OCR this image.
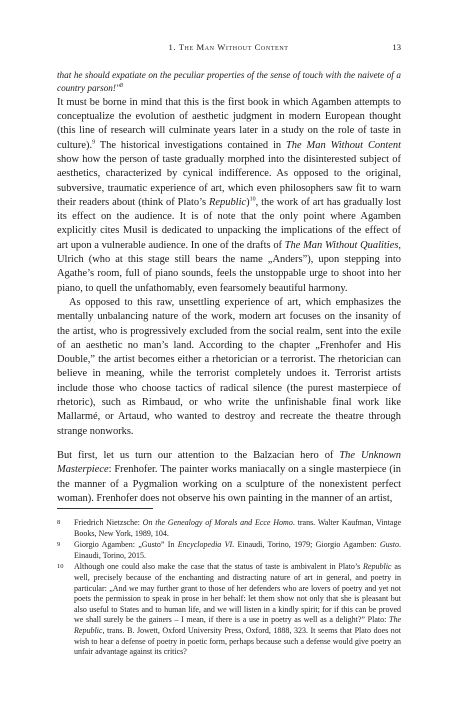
1. The Man Without Content	13

that he should expatiate on the peculiar properties of the sense of touch with the naivete of a country parson!"$^8$

It must be borne in mind that this is the first book in which Agamben attempts to conceptualize the evolution of aesthetic judgment in modern European thought (this line of research will culminate years later in a study on the role of taste in culture).$^9$ The historical investigations contained in The Man Without Content show how the person of taste gradually morphed into the disinterested subject of aesthetics, characterized by cynical indifference. As opposed to the original, subversive, traumatic experience of art, which even philosophers saw fit to warn their readers about (think of Plato’s Republic)$^{10}$, the work of art has gradually lost its effect on the audience. It is of note that the only point where Agamben explicitly cites Musil is dedicated to unpacking the implications of the effect of art upon a vulnerable audience. In one of the drafts of The Man Without Qualities, Ulrich (who at this stage still bears the name „Anders”), upon stepping into Agathe’s room, full of piano sounds, feels the unstoppable urge to shoot into her piano, to quell the unfathomably, even fearsomely beautiful harmony.

As opposed to this raw, unsettling experience of art, which emphasizes the mentally unbalancing nature of the work, modern art focuses on the insanity of the artist, who is progressively excluded from the social realm, sent into the exile of an aesthetic no man’s land. According to the chapter „Frenhofer and His Double,” the artist becomes either a rhetorician or a terrorist. The rhetorician can believe in meaning, while the terrorist completely undoes it. Terrorist artists include those who choose tactics of radical silence (the purest masterpiece of rhetoric), such as Rimbaud, or who write the unfinishable final work like Mallarmé, or Artaud, who wanted to destroy and recreate the theatre through strange nonworks.

But first, let us turn our attention to the Balzacian hero of The Unknown Masterpiece: Frenhofer. The painter works maniacally on a single masterpiece (in the manner of a Pygmalion working on a sculpture of the nonexistent perfect woman). Frenhofer does not observe his own painting in the manner of an artist,

8 Friedrich Nietzsche: On the Genealogy of Morals and Ecce Homo. trans. Walter Kaufman, Vintage Books, New York, 1989, 104.
9 Giorgio Agamben: „Gusto” In Encyclopedia VI. Einaudi, Torino, 1979; Giorgio Agamben: Gusto. Einaudi, Torino, 2015.
10 Although one could also make the case that the status of taste is ambivalent in Plato’s Republic as well, precisely because of the enchanting and distracting nature of art in general, and poetry in particular: „And we may further grant to those of her defenders who are lovers of poetry and yet not poets the permission to speak in prose in her behalf: let them show not only that she is pleasant but also useful to States and to human life, and we will listen in a kindly spirit; for if this can be proved we shall surely be the gainers – I mean, if there is a use in poetry as well as a delight?” Plato: The Republic, trans. B. Jowett, Oxford University Press, Oxford, 1888, 323. It seems that Plato does not wish to hear a defense of poetry in poetic form, perhaps because such a defense would give poetry an unfair advantage against its critics?
